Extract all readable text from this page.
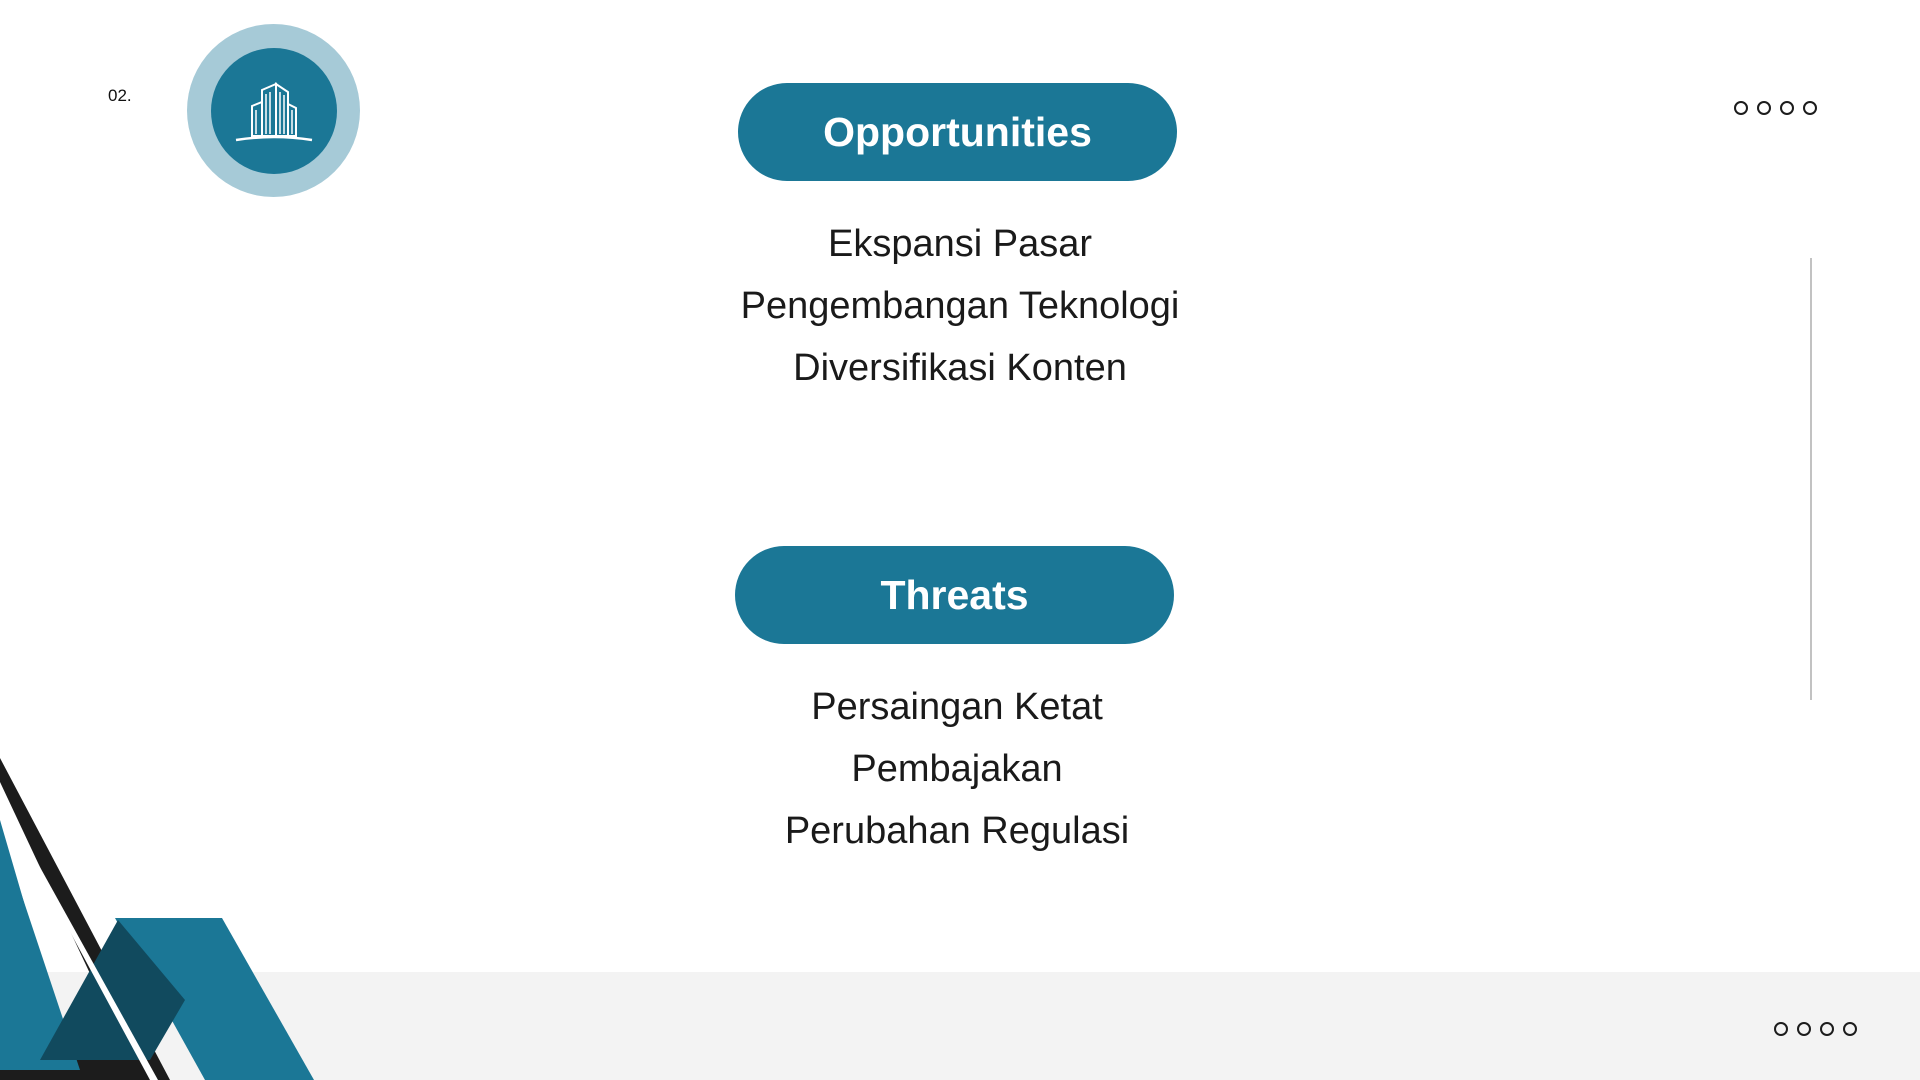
02.
Opportunities
Ekspansi Pasar
Pengembangan Teknologi
Diversifikasi Konten
Threats
Persaingan Ketat
Pembajakan
Perubahan Regulasi
